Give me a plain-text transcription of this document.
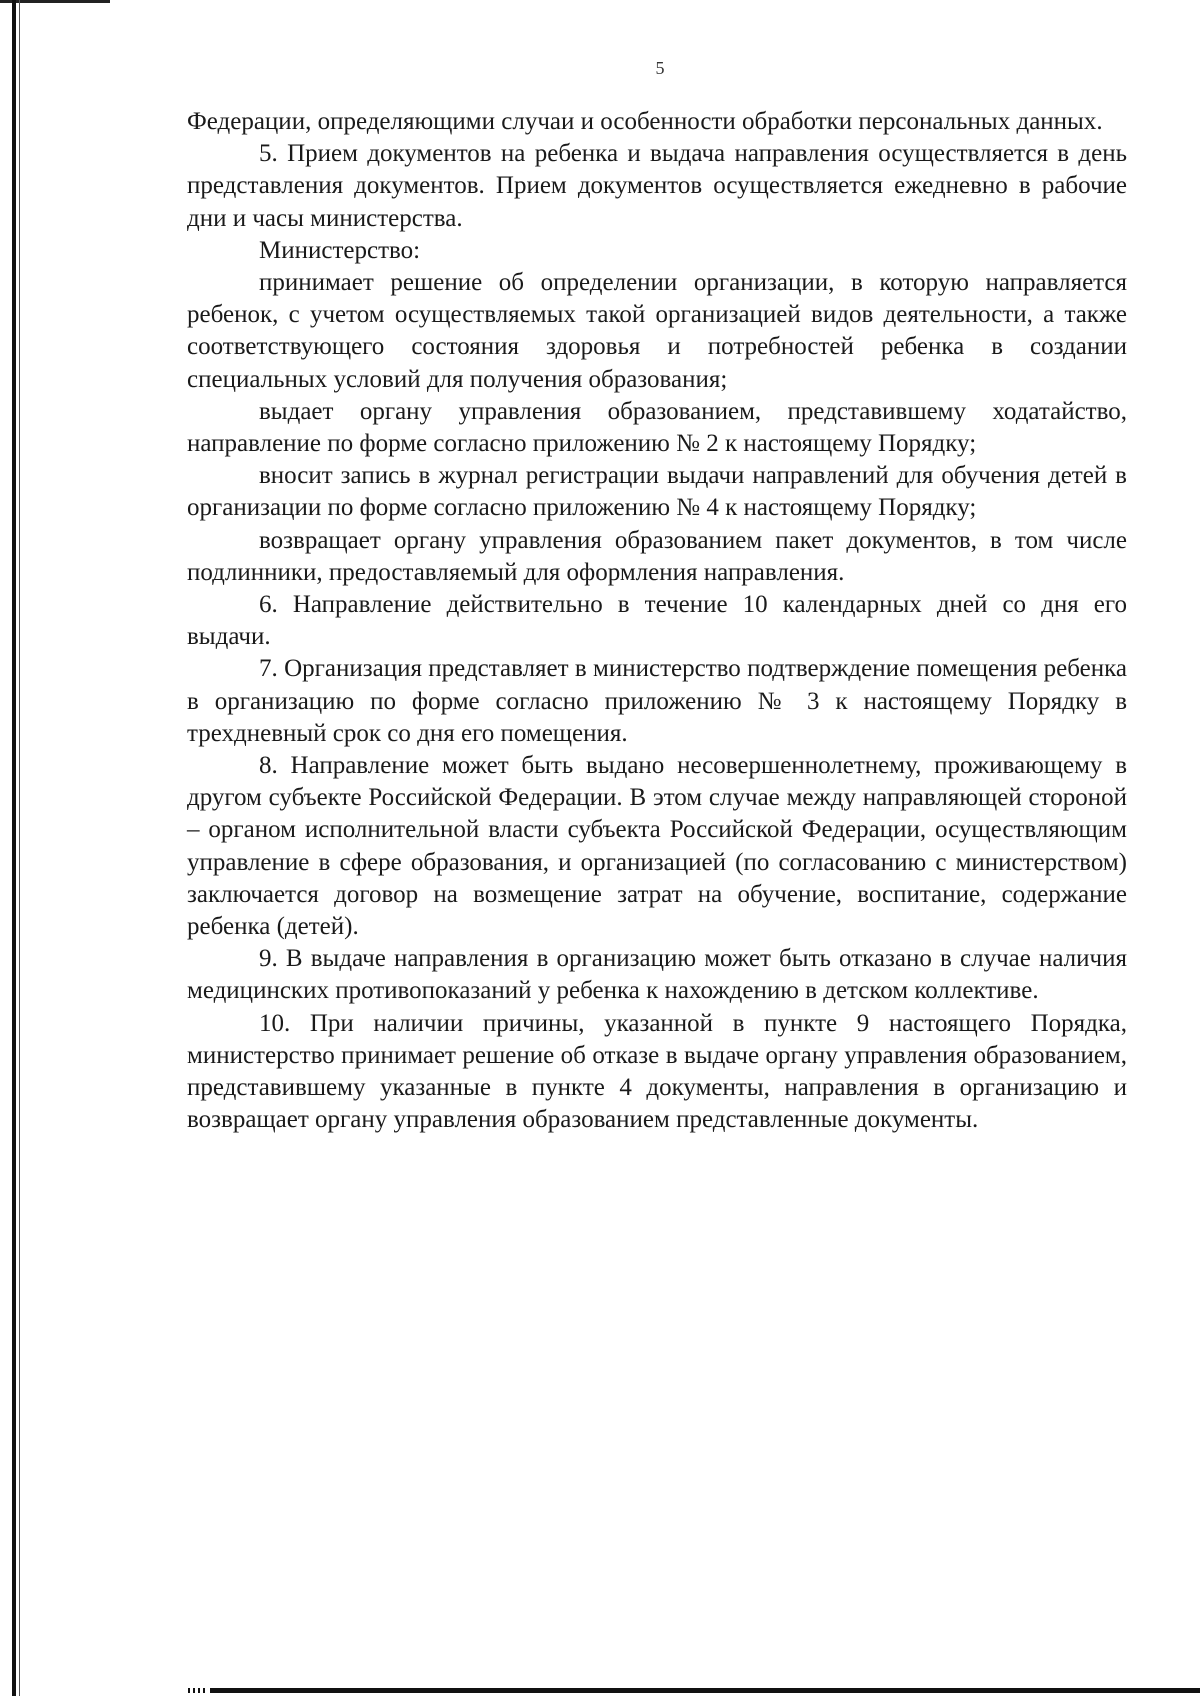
5

Федерации, определяющими случаи и особенности обработки персональных данных.

5. Прием документов на ребенка и выдача направления осуществляется в день представления документов. Прием документов осуществляется ежедневно в рабочие дни и часы министерства.

Министерство:

принимает решение об определении организации, в которую направляется ребенок, с учетом осуществляемых такой организацией видов деятельности, а также соответствующего состояния здоровья и потребностей ребенка в создании специальных условий для получения образования;

выдает органу управления образованием, представившему ходатайство, направление по форме согласно приложению № 2 к настоящему Порядку;

вносит запись в журнал регистрации выдачи направлений для обучения детей в организации по форме согласно приложению № 4 к настоящему Порядку;

возвращает органу управления образованием пакет документов, в том числе подлинники, предоставляемый для оформления направления.

6. Направление действительно в течение 10 календарных дней со дня его выдачи.

7. Организация представляет в министерство подтверждение помещения ребенка в организацию по форме согласно приложению № 3 к настоящему Порядку в трехдневный срок со дня его помещения.

8. Направление может быть выдано несовершеннолетнему, проживающему в другом субъекте Российской Федерации. В этом случае между направляющей стороной – органом исполнительной власти субъекта Российской Федерации, осуществляющим управление в сфере образования, и организацией (по согласованию с министерством) заключается договор на возмещение затрат на обучение, воспитание, содержание ребенка (детей).

9. В выдаче направления в организацию может быть отказано в случае наличия медицинских противопоказаний у ребенка к нахождению в детском коллективе.

10. При наличии причины, указанной в пункте 9 настоящего Порядка, министерство принимает решение об отказе в выдаче органу управления образованием, представившему указанные в пункте 4 документы, направления в организацию и возвращает органу управления образованием представленные документы.
